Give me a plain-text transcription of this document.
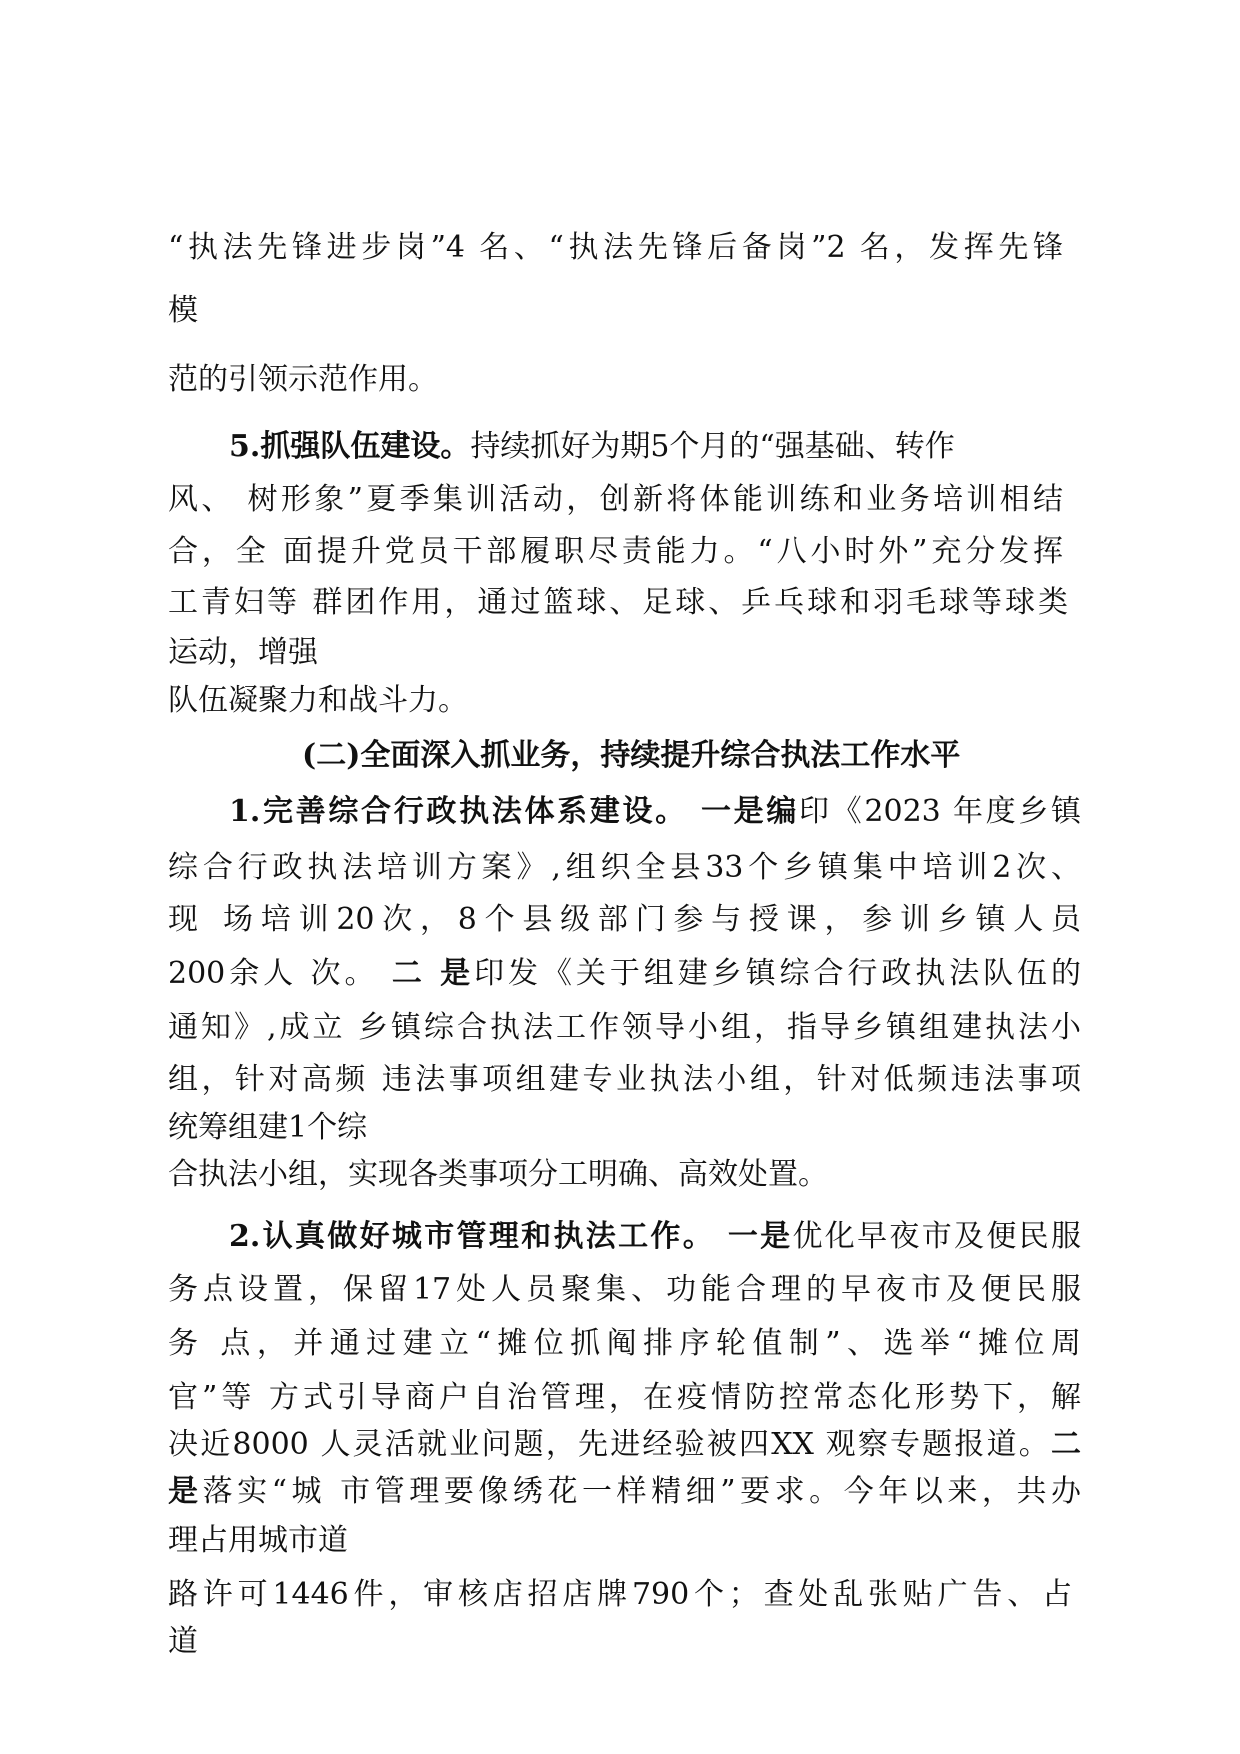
“执法先锋进步岗”4 名、“执法先锋后备岗”2 名，发挥先锋
模
范的引领示范作用。
5.抓强队伍建设。持续抓好为期5个月的“强基础、转作
风、 树形象”夏季集训活动，创新将体能训练和业务培训相结
合，全 面提升党员干部履职尽责能力。“八小时外”充分发挥
工青妇等 群团作用，通过篮球、足球、乒乓球和羽毛球等球类
运动，增强
队伍凝聚力和战斗力。
(二)全面深入抓业务，持续提升综合执法工作水平
1.完善综合行政执法体系建设。 一是编印《2023 年度乡镇
综合行政执法培训方案》,组织全县33个乡镇集中培训2次、
现 场培训20次，8个县级部门参与授课，参训乡镇人员
200余人 次。 二 是印发《关于组建乡镇综合行政执法队伍的
通知》,成立 乡镇综合执法工作领导小组，指导乡镇组建执法小
组，针对高频 违法事项组建专业执法小组，针对低频违法事项
统筹组建1个综
合执法小组，实现各类事项分工明确、高效处置。
2.认真做好城市管理和执法工作。 一是优化早夜市及便民服
务点设置，保留17处人员聚集、功能合理的早夜市及便民服
务 点，并通过建立“摊位抓阄排序轮值制”、选举“摊位周
官”等 方式引导商户自治管理，在疫情防控常态化形势下，解
决近8000 人灵活就业问题，先进经验被四XX 观察专题报道。二
是落实“城 市管理要像绣花一样精细”要求。今年以来，共办
理占用城市道
路许可1446件，审核店招店牌790个；查处乱张贴广告、占
道
